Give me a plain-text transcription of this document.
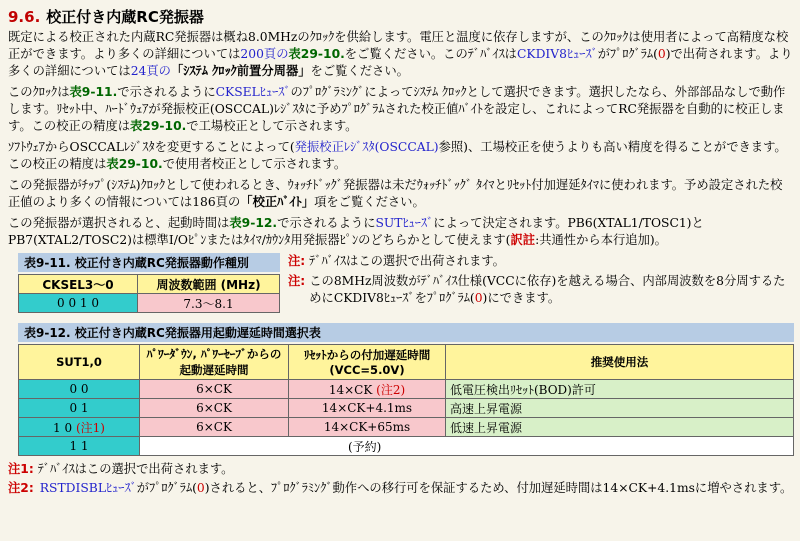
9.6. 校正付き内蔵RC発振器

既定による校正された内蔵RC発振器は概ね8.0MHzのｸﾛｯｸを供給します。電圧と温度に依存しますが、このｸﾛｯｸは使用者によって高精度な校正ができます。より多くの詳細については200頁の表29-10.をご覧ください。このﾃﾞﾊﾞｲｽはCKDIV8ﾋｭｰｽﾞがﾌﾟﾛｸﾞﾗﾑ(0)で出荷されます。より多くの詳細については24頁の「ｼｽﾃﾑ ｸﾛｯｸ前置分周器」をご覧ください。

このｸﾛｯｸは表9-11.で示されるようにCKSELﾋｭｰｽﾞのﾌﾟﾛｸﾞﾗﾐﾝｸﾞによってｼｽﾃﾑ ｸﾛｯｸとして選択できます。選択したなら、外部部品なしで動作します。ﾘｾｯﾄ中、ﾊｰﾄﾞｳｪｱが発振校正(OSCCAL)ﾚｼﾞｽﾀに予めﾌﾟﾛｸﾞﾗﾑされた校正値ﾊﾞｲﾄを設定し、これによってRC発振器を自動的に校正します。この校正の精度は表29-10.で工場校正として示されます。

ｿﾌﾄｳｪｱからOSCCALﾚｼﾞｽﾀを変更することによって(発振校正ﾚｼﾞｽﾀ(OSCCAL)参照)、工場校正を使うよりも高い精度を得ることができます。この校正の精度は表29-10.で使用者校正として示されます。

この発振器がﾁｯﾌﾟ(ｼｽﾃﾑ)ｸﾛｯｸとして使われるとき、ｳｫｯﾁﾄﾞｯｸﾞ発振器は未だｳｫｯﾁﾄﾞｯｸﾞ ﾀｲﾏとﾘｾｯﾄ付加遅延ﾀｲﾏに使われます。予め設定された校正値のより多くの情報については186頁の「校正ﾊﾞｲﾄ」項をご覧ください。

この発振器が選択されると、起動時間は表9-12.で示されるようにSUTﾋｭｰｽﾞによって決定されます。PB6(XTAL1/TOSC1)とPB7(XTAL2/TOSC2)は標準I/Oﾋﾟﾝまたはﾀｲﾏ/ｶｳﾝﾀ用発振器ﾋﾟﾝのどちらかとして使えます(訳註:共通性から本行追加)。

表9-11. 校正付き内蔵RC発振器動作種別
CKSEL3～0	周波数範囲 (MHz)
0 0 1 0	7.3～8.1
注: ﾃﾞﾊﾞｲｽはこの選択で出荷されます。
注: この8MHz周波数がﾃﾞﾊﾞｲｽ仕様(VCCに依存)を越える場合、内部周波数を8分周するためにCKDIV8ﾋｭｰｽﾞをﾌﾟﾛｸﾞﾗﾑ(0)にできます。
表9-12. 校正付き内蔵RC発振器用起動遅延時間選択表
SUT1,0	ﾊﾟﾜｰﾀﾞｳﾝ, ﾊﾟﾜｰｾｰﾌﾞからの起動遅延時間	ﾘｾｯﾄからの付加遅延時間 (VCC=5.0V)	推奨使用法
0 0	6×CK	14×CK (注2)	低電圧検出ﾘｾｯﾄ(BOD)許可
0 1	6×CK	14×CK+4.1ms	高速上昇電源
1 0 (注1)	6×CK	14×CK+65ms	低速上昇電源
1 1	(予約)		
注1: ﾃﾞﾊﾞｲｽはこの選択で出荷されます。
注2: RSTDISBLﾋｭｰｽﾞがﾌﾟﾛｸﾞﾗﾑ(0)されると、ﾌﾟﾛｸﾞﾗﾐﾝｸﾞ動作への移行可を保証するため、付加遅延時間は14×CK+4.1msに増やされます。
